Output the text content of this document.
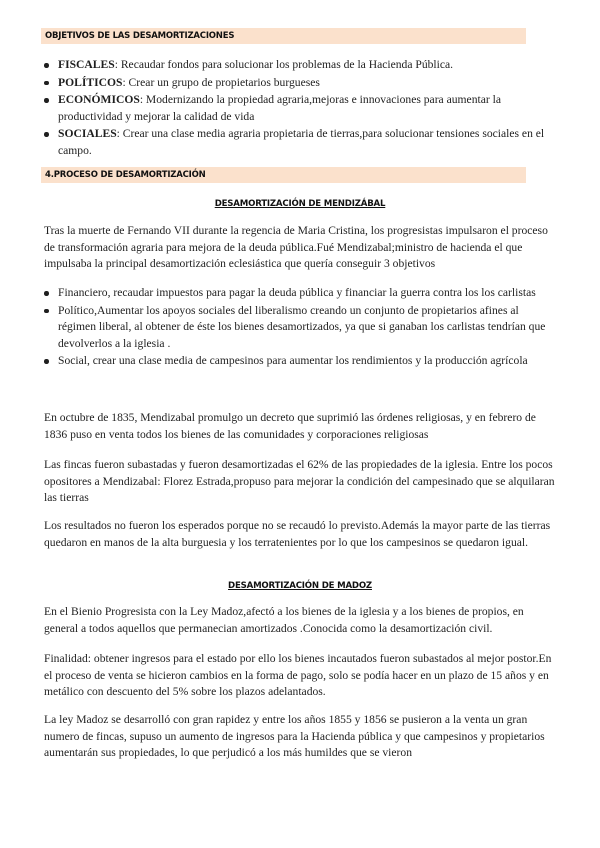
OBJETIVOS DE LAS DESAMORTIZACIONES
FISCALES: Recaudar fondos para solucionar los problemas de la Hacienda Pública.
POLÍTICOS: Crear un grupo de propietarios burgueses
ECONÓMICOS: Modernizando la propiedad agraria,mejoras e innovaciones para aumentar la productividad y mejorar la calidad de vida
SOCIALES: Crear una clase media agraria propietaria de tierras,para solucionar tensiones sociales en el campo.
4.PROCESO DE DESAMORTIZACIÓN
DESAMORTIZACIÓN DE MENDIZÁBAL

Tras la muerte de Fernando VII durante la regencia de Maria Cristina, los progresistas impulsaron el proceso de transformación agraria para mejora de la deuda pública.Fué Mendizabal;ministro de hacienda el que impulsaba la principal desamortización eclesiástica que quería conseguir 3 objetivos

Financiero, recaudar impuestos para pagar la deuda pública y financiar la guerra contra los los carlistas
Político,Aumentar los apoyos sociales del liberalismo creando un conjunto de propietarios afines al régimen liberal, al obtener de éste los bienes desamortizados, ya que si ganaban los carlistas tendrían que devolverlos a la iglesia .
Social, crear una clase media de campesinos para aumentar los rendimientos y la producción agrícola

En octubre de 1835, Mendizabal promulgo un decreto que suprimió las órdenes religiosas, y en febrero de 1836 puso en venta todos los bienes de las comunidades y corporaciones religiosas

Las fincas fueron subastadas y fueron desamortizadas el 62% de las propiedades de la iglesia. Entre los pocos opositores a Mendizabal: Florez Estrada,propuso para mejorar la condición del campesinado que se alquilaran las tierras

Los resultados no fueron los esperados porque no se recaudó lo previsto.Además la mayor parte de las tierras quedaron en manos de la alta burguesia y los terratenientes por lo que los campesinos se quedaron igual.

DESAMORTIZACIÓN DE MADOZ

En el Bienio Progresista con la Ley Madoz,afectó a los bienes de la iglesia y a los bienes de propios, en general a todos aquellos que permanecian amortizados .Conocida como la desamortización civil.

Finalidad: obtener ingresos para el estado por ello los bienes incautados fueron subastados al mejor postor.En el proceso de venta se hicieron cambios en la forma de pago, solo se podía hacer en un plazo de 15 años y en metálico con descuento del 5% sobre los plazos adelantados.

La ley Madoz se desarrolló con gran rapidez y entre los años 1855 y 1856 se pusieron a la venta un gran numero de fincas, supuso un aumento de ingresos para la Hacienda pública y que campesinos y propietarios aumentarán sus propiedades, lo que perjudicó a los más humildes que se vieron
